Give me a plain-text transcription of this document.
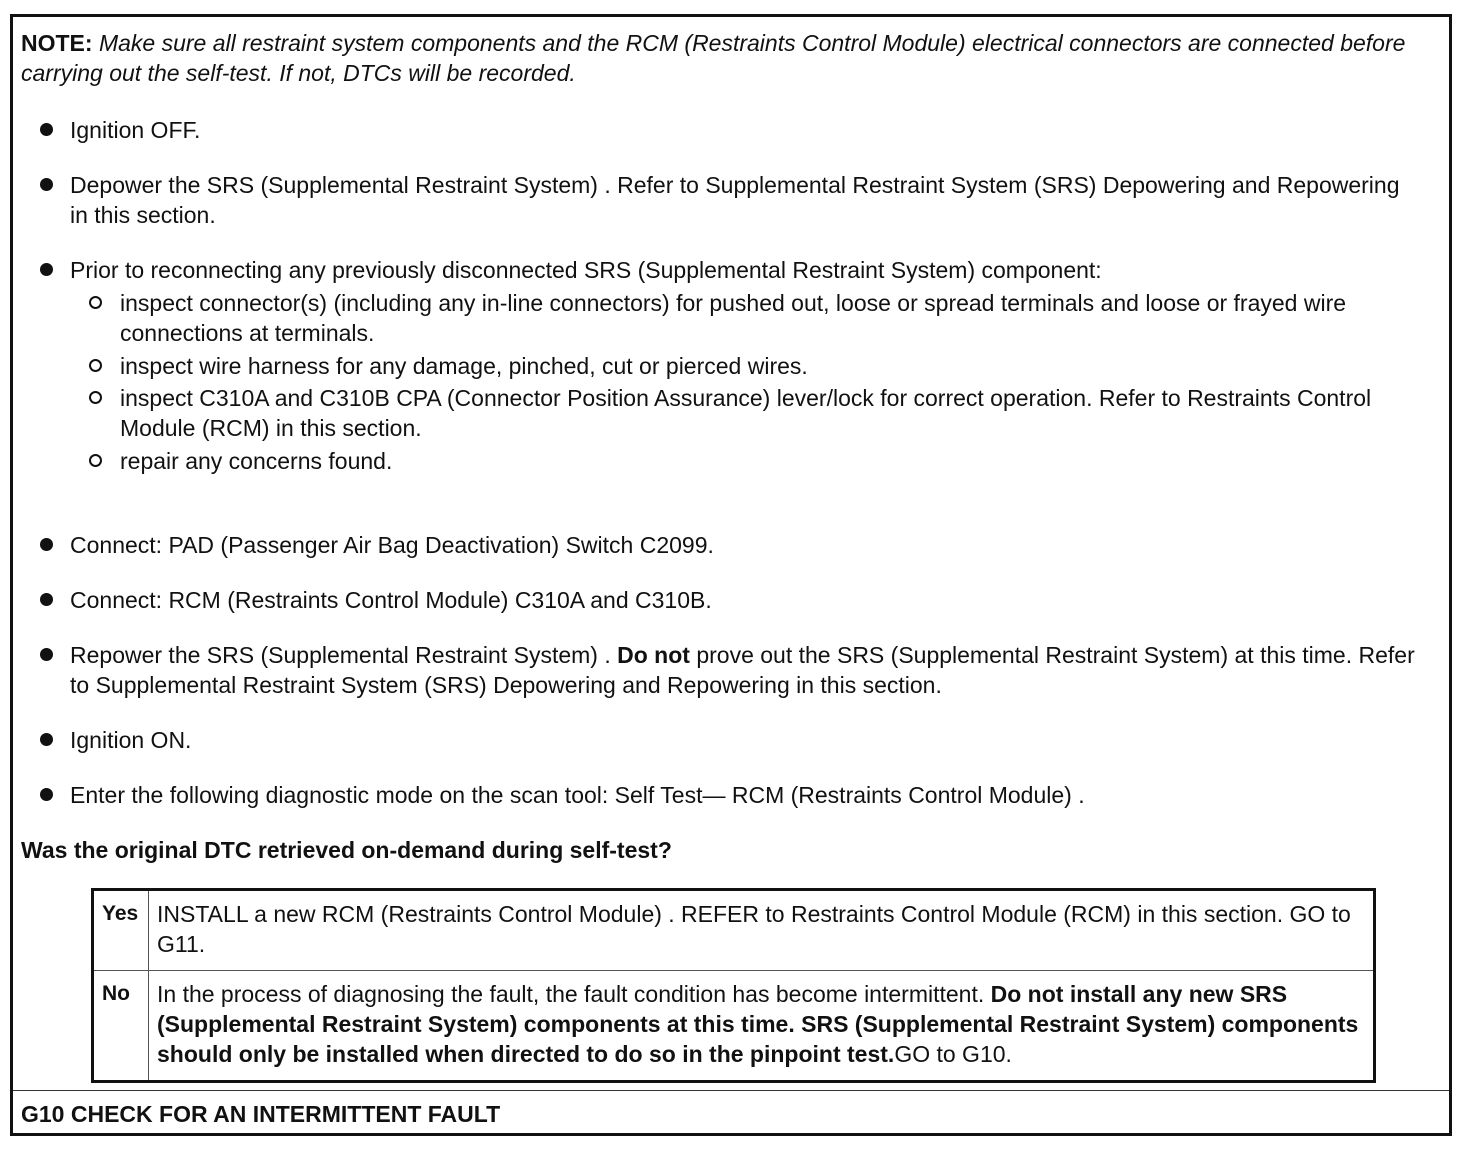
NOTE: Make sure all restraint system components and the RCM (Restraints Control Module) electrical connectors are connected before carrying out the self-test. If not, DTCs will be recorded.
Ignition OFF.
Depower the SRS (Supplemental Restraint System) . Refer to Supplemental Restraint System (SRS) Depowering and Repowering in this section.
Prior to reconnecting any previously disconnected SRS (Supplemental Restraint System) component:
inspect connector(s) (including any in-line connectors) for pushed out, loose or spread terminals and loose or frayed wire connections at terminals.
inspect wire harness for any damage, pinched, cut or pierced wires.
inspect C310A and C310B CPA (Connector Position Assurance) lever/lock for correct operation. Refer to Restraints Control Module (RCM) in this section.
repair any concerns found.
Connect: PAD (Passenger Air Bag Deactivation) Switch C2099.
Connect: RCM (Restraints Control Module) C310A and C310B.
Repower the SRS (Supplemental Restraint System) . Do not prove out the SRS (Supplemental Restraint System) at this time. Refer to Supplemental Restraint System (SRS) Depowering and Repowering in this section.
Ignition ON.
Enter the following diagnostic mode on the scan tool: Self Test— RCM (Restraints Control Module) .
Was the original DTC retrieved on-demand during self-test?
Yes	INSTALL a new RCM (Restraints Control Module) . REFER to Restraints Control Module (RCM) in this section. GO to G11.
No	In the process of diagnosing the fault, the fault condition has become intermittent. Do not install any new SRS (Supplemental Restraint System) components at this time. SRS (Supplemental Restraint System) components should only be installed when directed to do so in the pinpoint test.GO to G10.
G10 CHECK FOR AN INTERMITTENT FAULT
